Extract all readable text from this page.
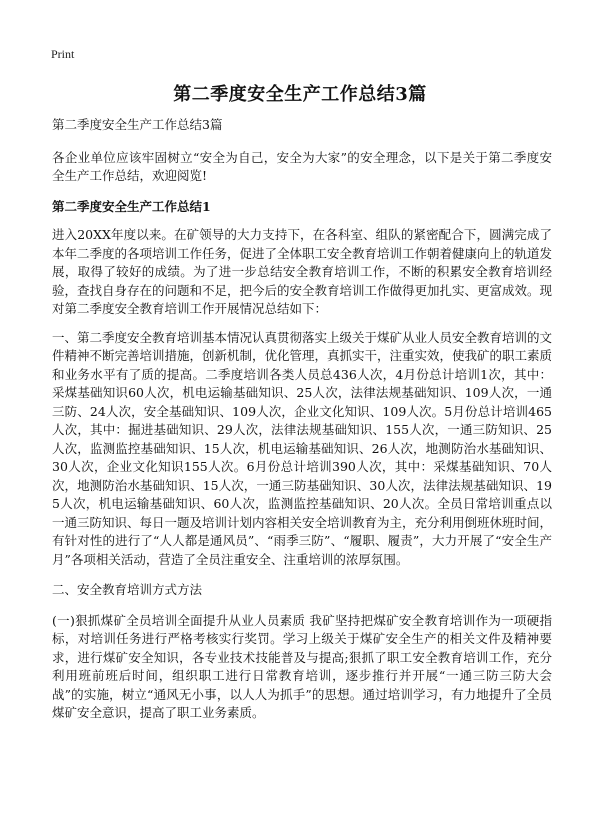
Print
第二季度安全生产工作总结3篇

第二季度安全生产工作总结3篇

各企业单位应该牢固树立“安全为自己，安全为大家”的安全理念，以下是关于第二季度安全生产工作总结，欢迎阅览!

第二季度安全生产工作总结1

进入20XX年度以来。在矿领导的大力支持下，在各科室、组队的紧密配合下，圆满完成了本年二季度的各项培训工作任务，促进了全体职工安全教育培训工作朝着健康向上的轨道发展，取得了较好的成绩。为了进一步总结安全教育培训工作，不断的积累安全教育培训经验，查找自身存在的问题和不足，把今后的安全教育培训工作做得更加扎实、更富成效。现对第二季度安全教育培训工作开展情况总结如下：

一、第二季度安全教育培训基本情况认真贯彻落实上级关于煤矿从业人员安全教育培训的文件精神不断完善培训措施，创新机制，优化管理，真抓实干，注重实效，使我矿的职工素质和业务水平有了质的提高。二季度培训各类人员总436人次，4月份总计培训1次，其中：采煤基础知识60人次，机电运输基础知识、25人次，法律法规基础知识、109人次，一通三防、24人次，安全基础知识、109人次，企业文化知识、109人次。5月份总计培训465人次，其中：掘进基础知识、29人次，法律法规基础知识、155人次，一通三防知识、25人次，监测监控基础知识、15人次，机电运输基础知识、26人次，地测防治水基础知识、30人次，企业文化知识155人次。6月份总计培训390人次，其中：采煤基础知识、70人次，地测防治水基础知识、15人次，一通三防基础知识、30人次，法律法规基础知识、195人次，机电运输基础知识、60人次，监测监控基础知识、20人次。全员日常培训重点以一通三防知识、每日一题及培训计划内容相关安全培训教育为主，充分利用倒班休班时间，有针对性的进行了“人人都是通风员”、“雨季三防”、“履职、履责”，大力开展了“安全生产月”各项相关活动，营造了全员注重安全、注重培训的浓厚氛围。

二、安全教育培训方式方法

(一)狠抓煤矿全员培训全面提升从业人员素质 我矿坚持把煤矿安全教育培训作为一项硬指标，对培训任务进行严格考核实行奖罚。学习上级关于煤矿安全生产的相关文件及精神要求，进行煤矿安全知识，各专业技术技能普及与提高;狠抓了职工安全教育培训工作，充分利用班前班后时间，组织职工进行日常教育培训，逐步推行并开展“一通三防三防大会战”的实施，树立“通风无小事，以人人为抓手”的思想。通过培训学习，有力地提升了全员煤矿安全意识，提高了职工业务素质。
